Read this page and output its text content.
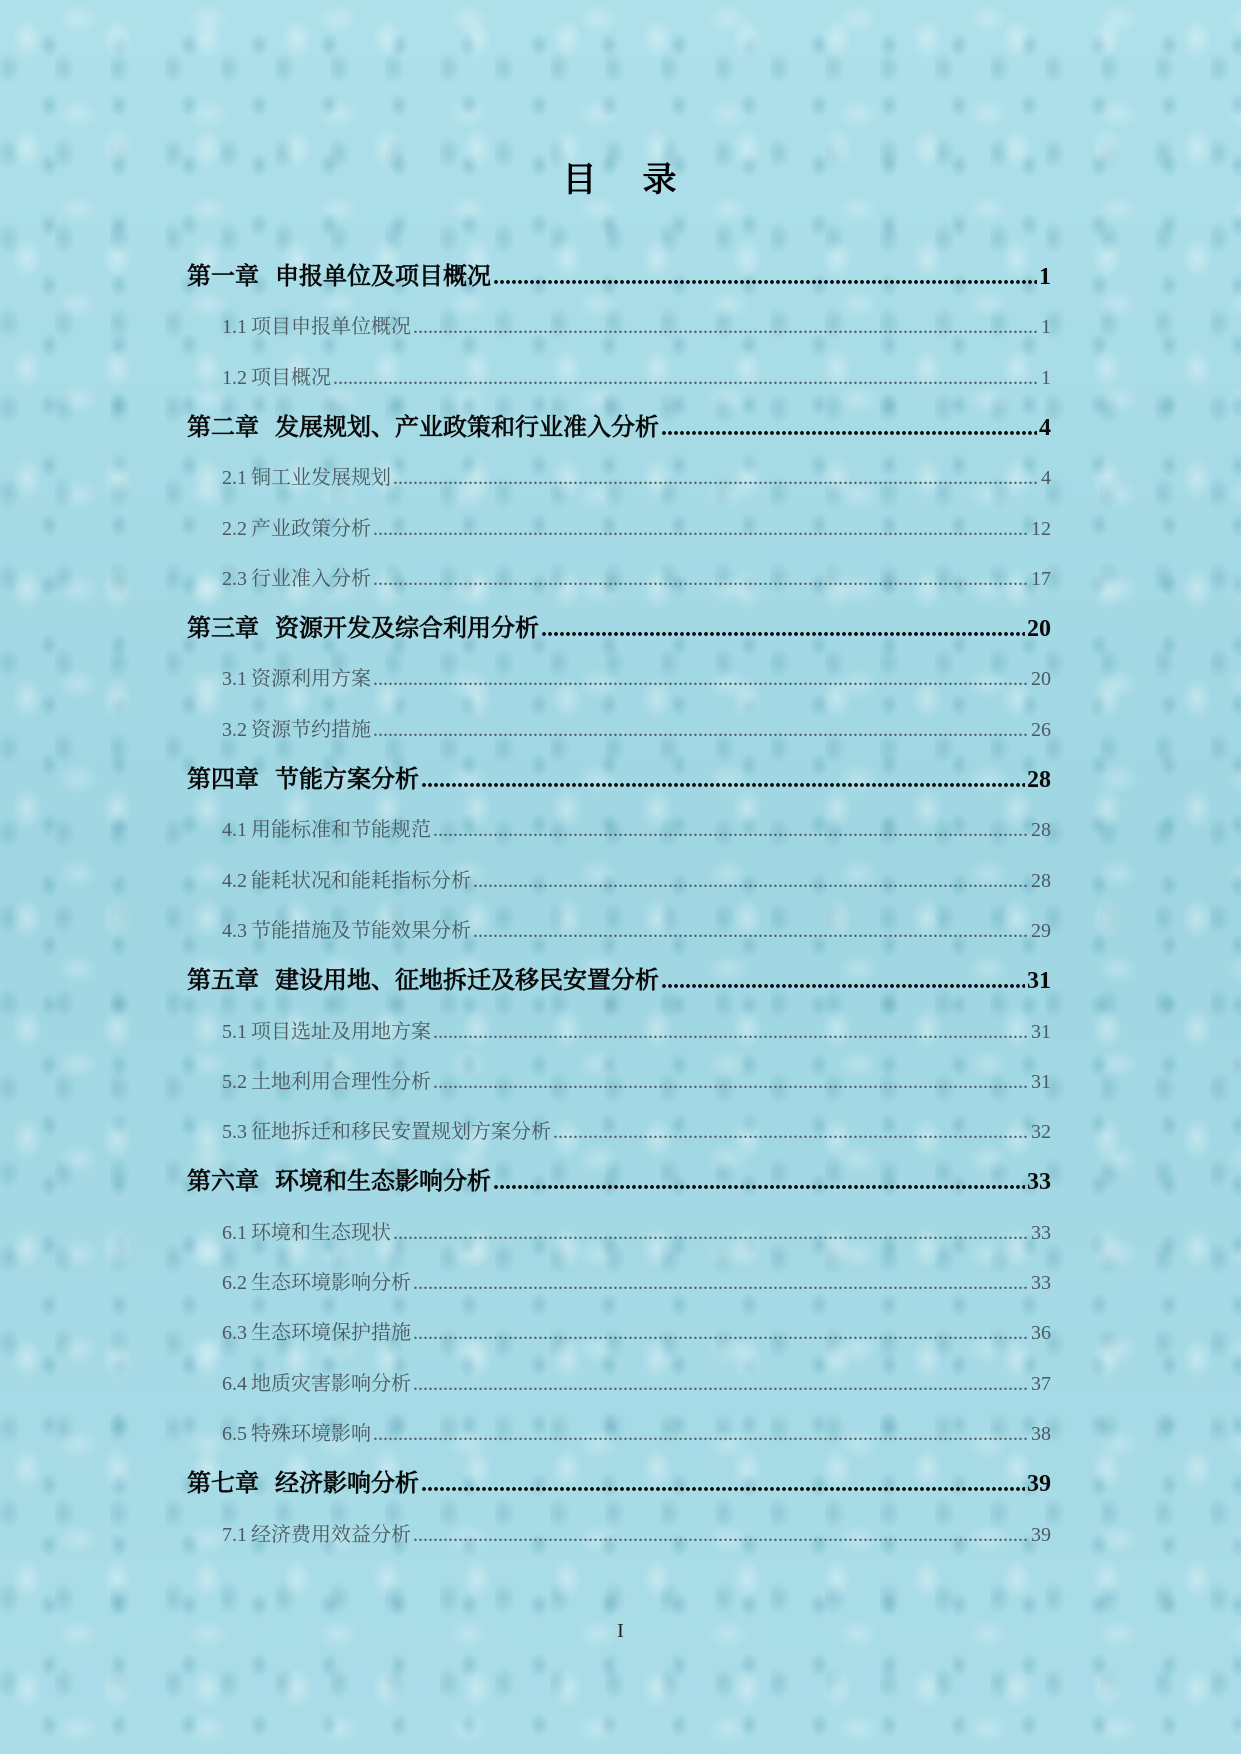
目 录
第一章 申报单位及项目概况 .....	1
1.1 项目申报单位概况 .....	1
1.2 项目概况 .....	1
第二章 发展规划、产业政策和行业准入分析 .....	4
2.1 铜工业发展规划 .....	4
2.2 产业政策分析 .....	12
2.3 行业准入分析 .....	17
第三章 资源开发及综合利用分析 .....	20
3.1 资源利用方案 .....	20
3.2 资源节约措施 .....	26
第四章 节能方案分析 .....	28
4.1 用能标准和节能规范 .....	28
4.2 能耗状况和能耗指标分析 .....	28
4.3 节能措施及节能效果分析 .....	29
第五章 建设用地、征地拆迁及移民安置分析 .....	31
5.1 项目选址及用地方案 .....	31
5.2 土地利用合理性分析 .....	31
5.3 征地拆迁和移民安置规划方案分析 .....	32
第六章 环境和生态影响分析 .....	33
6.1 环境和生态现状 .....	33
6.2 生态环境影响分析 .....	33
6.3 生态环境保护措施 .....	36
6.4 地质灾害影响分析 .....	37
6.5 特殊环境影响 .....	38
第七章 经济影响分析 .....	39
7.1 经济费用效益分析 .....	39
I
